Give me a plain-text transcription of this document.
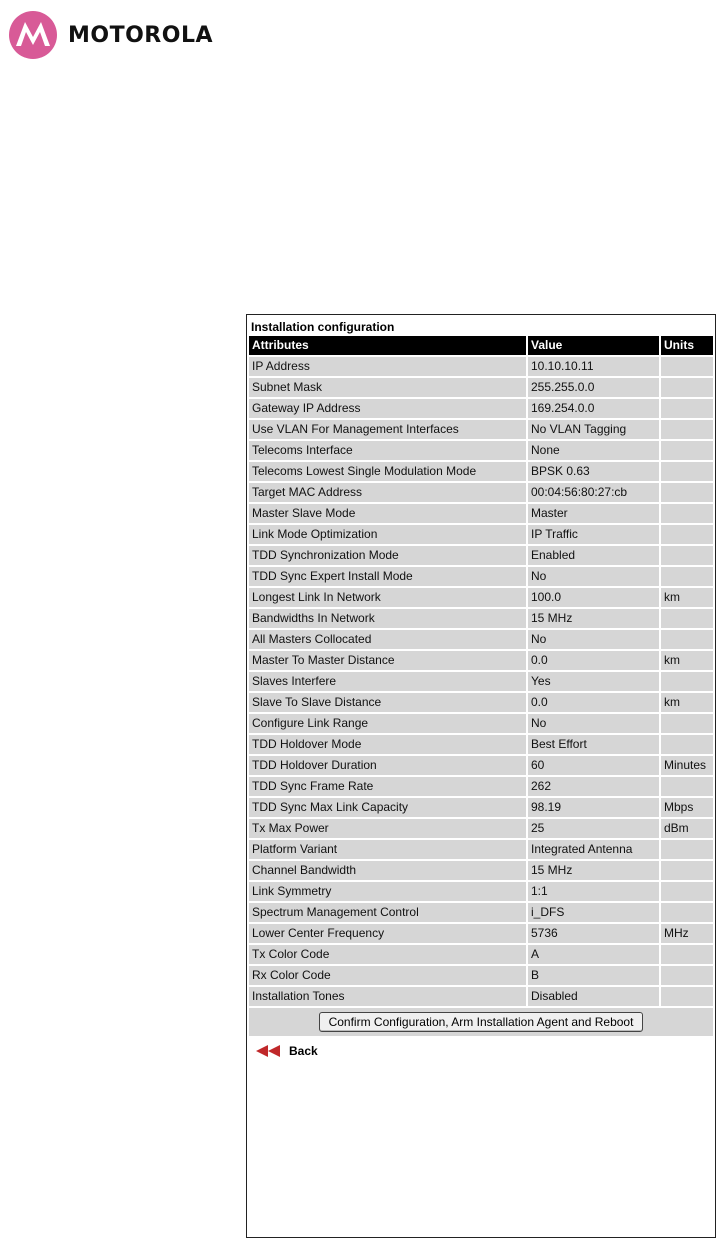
MOTOROLA
Installation configuration
Attributes	Value	Units
IP Address	10.10.10.11	
Subnet Mask	255.255.0.0	
Gateway IP Address	169.254.0.0	
Use VLAN For Management Interfaces	No VLAN Tagging	
Telecoms Interface	None	
Telecoms Lowest Single Modulation Mode	BPSK 0.63	
Target MAC Address	00:04:56:80:27:cb	
Master Slave Mode	Master	
Link Mode Optimization	IP Traffic	
TDD Synchronization Mode	Enabled	
TDD Sync Expert Install Mode	No	
Longest Link In Network	100.0	km
Bandwidths In Network	15 MHz	
All Masters Collocated	No	
Master To Master Distance	0.0	km
Slaves Interfere	Yes	
Slave To Slave Distance	0.0	km
Configure Link Range	No	
TDD Holdover Mode	Best Effort	
TDD Holdover Duration	60	Minutes
TDD Sync Frame Rate	262	
TDD Sync Max Link Capacity	98.19	Mbps
Tx Max Power	25	dBm
Platform Variant	Integrated Antenna	
Channel Bandwidth	15 MHz	
Link Symmetry	1:1	
Spectrum Management Control	i_DFS	
Lower Center Frequency	5736	MHz
Tx Color Code	A	
Rx Color Code	B	
Installation Tones	Disabled	
Confirm Configuration, Arm Installation Agent and Reboot
Back
